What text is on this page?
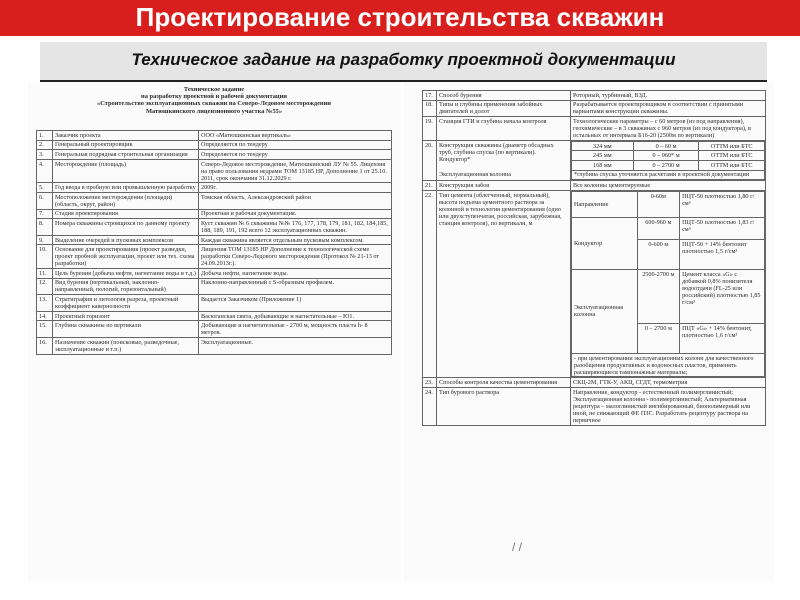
Проектирование строительства скважин
Техническое задание на разработку проектной документации
Техническое задание
на разработку проектной и рабочей документации
«Строительство эксплуатационных скважин на Северо-Ледовом месторождении
Матюшкинского лицензионного участка №55»
1.	Заказчик проекта	ООО «Матюшкинская вертикаль»
2.	Генеральный проектировщик	Определяется по тендеру
3.	Генеральная подрядная строительная организация	Определяется по тендеру
4.	Месторождение (площадь)	Северо-Ледовое месторождение, Матюшкинский ЛУ № 55. Лицензия на право пользования недрами ТОМ 13185 НР, Дополнение 1 от 25.10. 2011, срок окончания 31.12.2029 г.
5.	Год ввода в пробную или промышленную разработку	2009г.
6.	Местоположение месторождения (площади) (область, округ, район)	Томская область, Александровский район
7.	Стадия проектирования	Проектная и рабочая документация.
8.	Номера скважины строящихся по данному проекту	Куст скважин № 6 скважины №№ 176, 177, 178, 179, 181, 182, 184,185, 188, 189, 191, 192 всего 12 эксплуатационных скважин.
9.	Выделение очередей и пусковых комплексов	Каждая скважина является отдельным пусковым комплексом.
10.	Основание для проектирования (проект разведки, проект пробной эксплуатации, проект или тех. схема разработки)	Лицензия ТОМ 13185 НР Дополнение к технологической схеме разработки Северо-Ледового месторождения (Протокол № 21-13 от 24.09.2013г.).
11.	Цель бурения (добыча нефти, нагнетание воды и т.д.)	Добыча нефти, нагнетание воды.
12.	Вид бурения (вертикальный, наклонно-направленный, пологий, горизонтальный)	Наклонно-направленный с S-образным профилем.
13.	Стратиграфия и литология разреза, проектный коэффициент кавернозности	Выдается Заказчиком (Приложение 1)
14.	Проектный горизонт	Васюганская свита, добывающие и нагнетательные – Ю1.
15.	Глубина скважины по вертикали	Добывающие и нагнетательные - 2700 м, мощность пласта h- 8 метров.
16.	Назначение скважин (поисковые, разведочные, эксплуатационные и т.п.)	Эксплуатационные.
17.	Способ бурения	Роторный, турбинный, ВЗД.
18.	Типы и глубины применения забойных двигателей и долот	Разрабатывается проектировщиком в соответствии с принятыми вариантами конструкции скважины.
19.	Станция ГТИ и глубина начала контроля	Технологические параметры – с 60 метров (из под направления), геохимические – в 3 скважинах с 960 метров (из под кондуктора), в остальных от интервала Б16-20 (2500м по вертикали)
20.	Конструкция скважины (диаметр обсадных труб, глубина спуска (по вертикали). Кондуктор*
Эксплуатационная колонна

324 мм	0 – 60 м	ОТТМ или БТС
245 мм	0 – 960* м	ОТТМ или БТС
168 мм	0 – 2700 м	ОТТМ или БТС
*глубина спуска уточняется расчетами в проектной документации

21.	Конструкция забоя	Все колонны цементируемые
22.	Тип цемента (облегченный, нормальный), высота подъема цементного раствора за колонной и технология цементирования (одно или двухступенчатая, российская, зарубежная, станция контроля), по вертикали, м	
Направление	0-60м	ПЦТ-50 плотностью 1,80 г/см³
Кондуктор	600-960 м	ПЦТ-50 плотностью 1,83 г/см³
0-600 м	ПЦТ-50 + 14% бентонит плотностью 1,5 г/см³
Эксплуатационная колонна	2500-2700 м	Цемент класса «G» с добавкой 0,8% понизителя водоотдачи (FL-25 или российский) плотностью 1,85 г/см³
0 – 2700 м	ПЦТ «G» + 14% бентонит, плотностью 1,6 г/см³
- при цементировании эксплуатационных колонн для качественного разобщения продуктивных и водоносных пластов, применять расширяющиеся тампонажные материалы;

23.	Способы контроля качества цементирования	СКЦ-2М, ГТК-У, АКЦ, СГДТ, термометрия
24.	Тип бурового раствора	Направление, кондуктор - естественный полимерглинистый; Эксплуатационная колонна - полимерглинистый; Альтернативная рецептура – малоглинистый ингибированный, биополимерный или иной, не снижающий ФЕ ПЗС. Разработать рецептуру раствора на первичное
/ /
